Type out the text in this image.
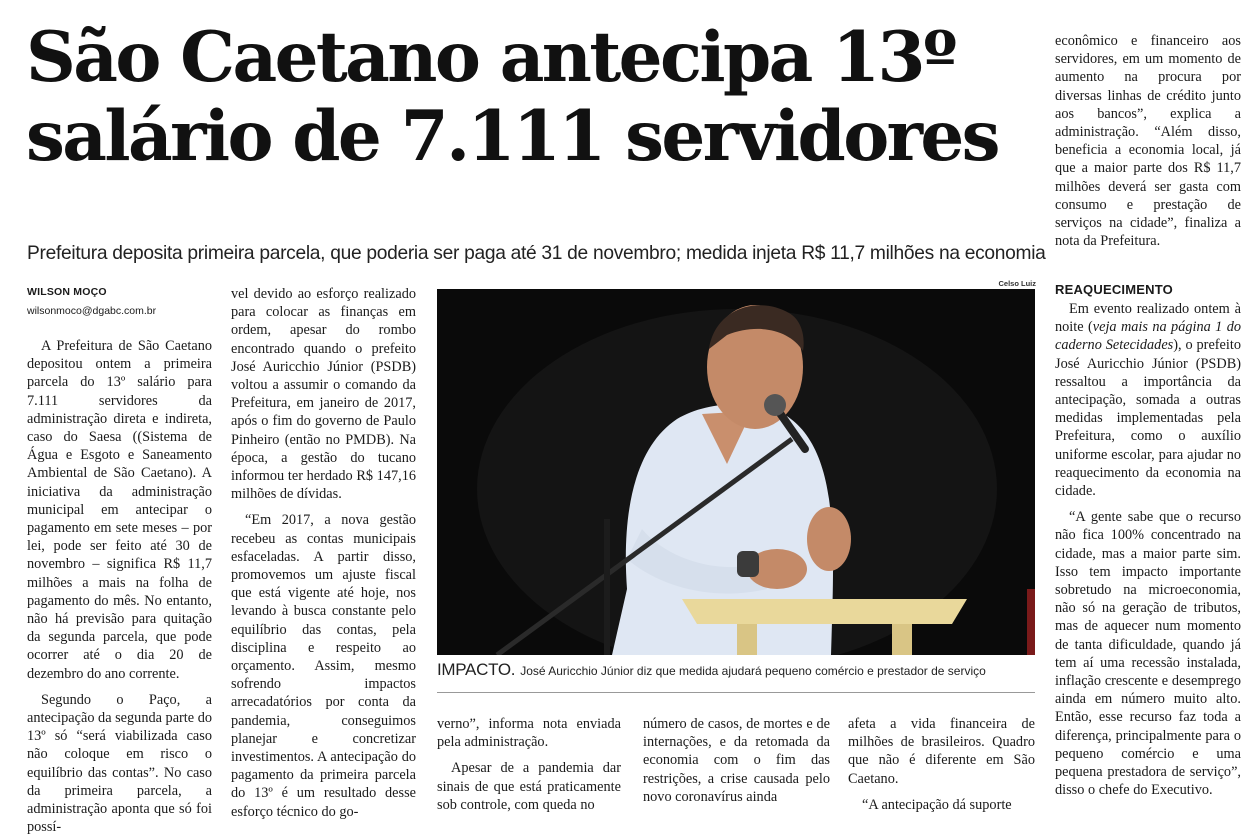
São Caetano antecipa 13º
salário de 7.111 servidores
Prefeitura deposita primeira parcela, que poderia ser paga até 31 de novembro; medida injeta R$ 11,7 milhões na economia
WILSON MOÇO
wilsonmoco@dgabc.com.br

A Prefeitura de São Caetano depositou ontem a primeira parcela do 13º salário para 7.111 servidores da administração direta e indireta, caso do Saesa ((Sistema de Água e Esgoto e Saneamento Ambiental de São Caetano). A iniciativa da administração municipal em antecipar o pagamento em sete meses – por lei, pode ser feito até 30 de novembro – significa R$ 11,7 milhões a mais na folha de pagamento do mês. No entanto, não há previsão para quitação da segunda parcela, que pode ocorrer até o dia 20 de dezembro do ano corrente.

Segundo o Paço, a antecipação da segunda parte do 13º só “será viabilizada caso não coloque em risco o equilíbrio das contas”. No caso da primeira parcela, a administração aponta que só foi possí-

vel devido ao esforço realizado para colocar as finanças em ordem, apesar do rombo encontrado quando o prefeito José Auricchio Júnior (PSDB) voltou a assumir o comando da Prefeitura, em janeiro de 2017, após o fim do governo de Paulo Pinheiro (então no PMDB). Na época, a gestão do tucano informou ter herdado R$ 147,16 milhões de dívidas.

“Em 2017, a nova gestão recebeu as contas municipais esfaceladas. A partir disso, promovemos um ajuste fiscal que está vigente até hoje, nos levando à busca constante pelo equilíbrio das contas, pela disciplina e respeito ao orçamento. Assim, mesmo sofrendo impactos arrecadatórios por conta da pandemia, conseguimos planejar e concretizar investimentos. A antecipação do pagamento da primeira parcela do 13º é um resultado desse esforço técnico do go-

Celso Luiz
IMPACTO. José Auricchio Júnior diz que medida ajudará pequeno comércio e prestador de serviço

verno”, informa nota enviada pela administração.

Apesar de a pandemia dar sinais de que está praticamente sob controle, com queda no

número de casos, de mortes e de internações, e da retomada da economia com o fim das restrições, a crise causada pelo novo coronavírus ainda

afeta a vida financeira de milhões de brasileiros. Quadro que não é diferente em São Caetano.

“A antecipação dá suporte

econômico e financeiro aos servidores, em um momento de aumento na procura por diversas linhas de crédito junto aos bancos”, explica a administração. “Além disso, beneficia a economia local, já que a maior parte dos R$ 11,7 milhões deverá ser gasta com consumo e prestação de serviços na cidade”, finaliza a nota da Prefeitura.

REAQUECIMENTO

Em evento realizado ontem à noite (veja mais na página 1 do caderno Setecidades), o prefeito José Auricchio Júnior (PSDB) ressaltou a importância da antecipação, somada a outras medidas implementadas pela Prefeitura, como o auxílio uniforme escolar, para ajudar no reaquecimento da economia na cidade.

“A gente sabe que o recurso não fica 100% concentrado na cidade, mas a maior parte sim. Isso tem impacto importante sobretudo na microeconomia, não só na geração de tributos, mas de aquecer num momento de tanta dificuldade, quando já tem aí uma recessão instalada, inflação crescente e desemprego ainda em número muito alto. Então, esse recurso faz toda a diferença, principalmente para o pequeno comércio e uma pequena prestadora de serviço”, disso o chefe do Executivo.
